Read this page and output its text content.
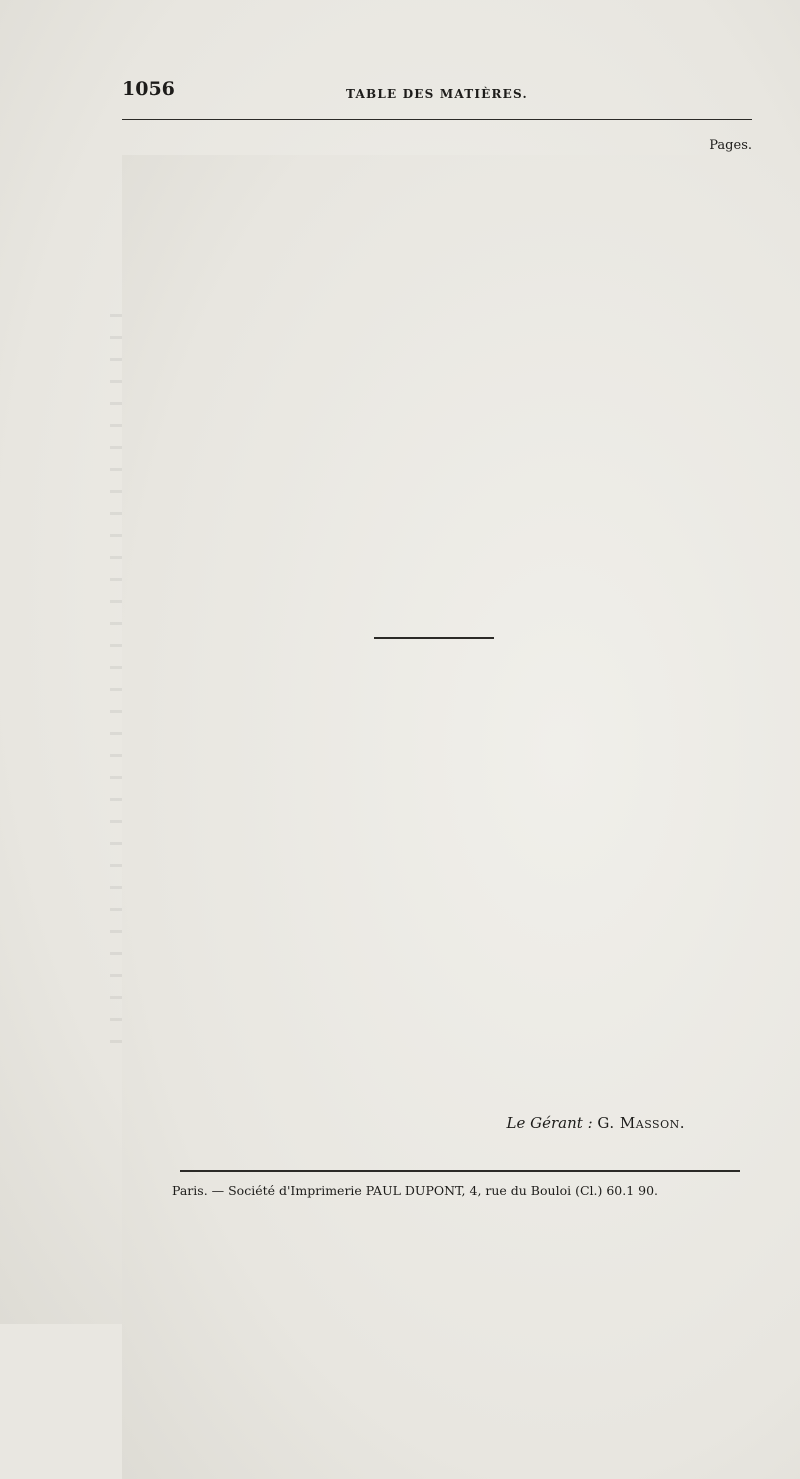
1056	TABLE DES MATIÈRES.
Pages.
.....
.....
.....
.....
.....
Le Gérant : G. Masson.
Paris. — Société d'Imprimerie PAUL DUPONT, 4, rue du Bouloi (Cl.) 60.1 90.
